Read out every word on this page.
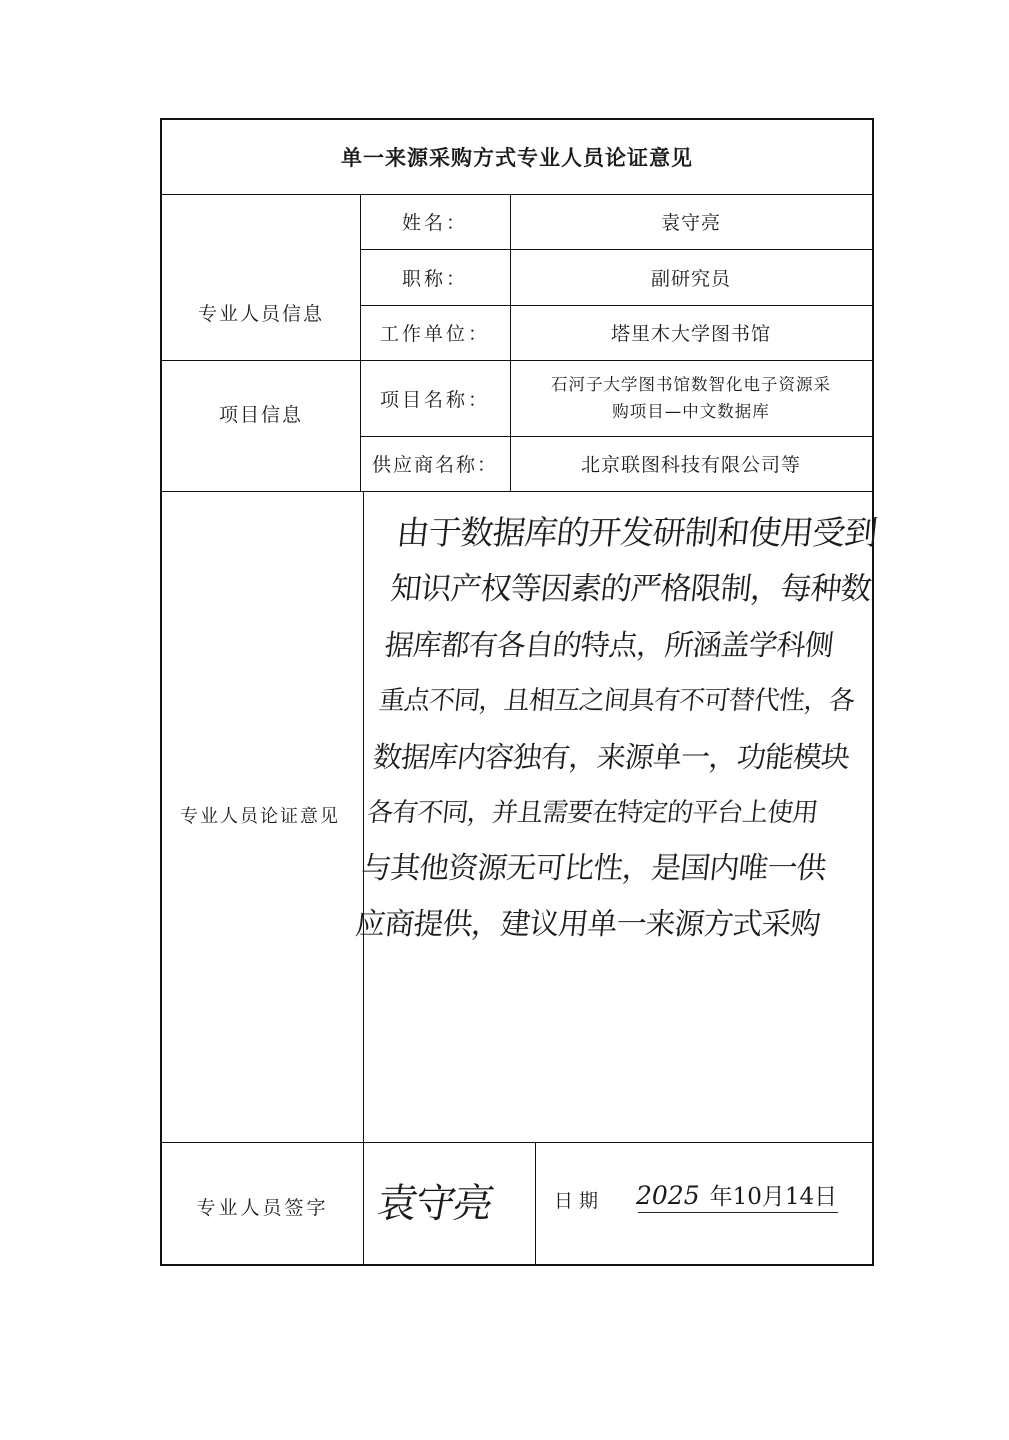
单一来源采购方式专业人员论证意见
专业人员信息
姓名：	袁守亮
职称：	副研究员
工作单位：	塔里木大学图书馆
项目信息
项目名称：
石河子大学图书馆数智化电子资源采
购项目—中文数据库
供应商名称：	北京联图科技有限公司等
专业人员论证意见
由于数据库的开发研制和使用受到
知识产权等因素的严格限制，每种数
据库都有各自的特点，所涵盖学科侧
重点不同，且相互之间具有不可替代性，各
数据库内容独有，来源单一，功能模块
各有不同，并且需要在特定的平台上使用
与其他资源无可比性，是国内唯一供
应商提供，建议用单一来源方式采购
专业人员签字	袁守亮	日期 2025 年10月14日
